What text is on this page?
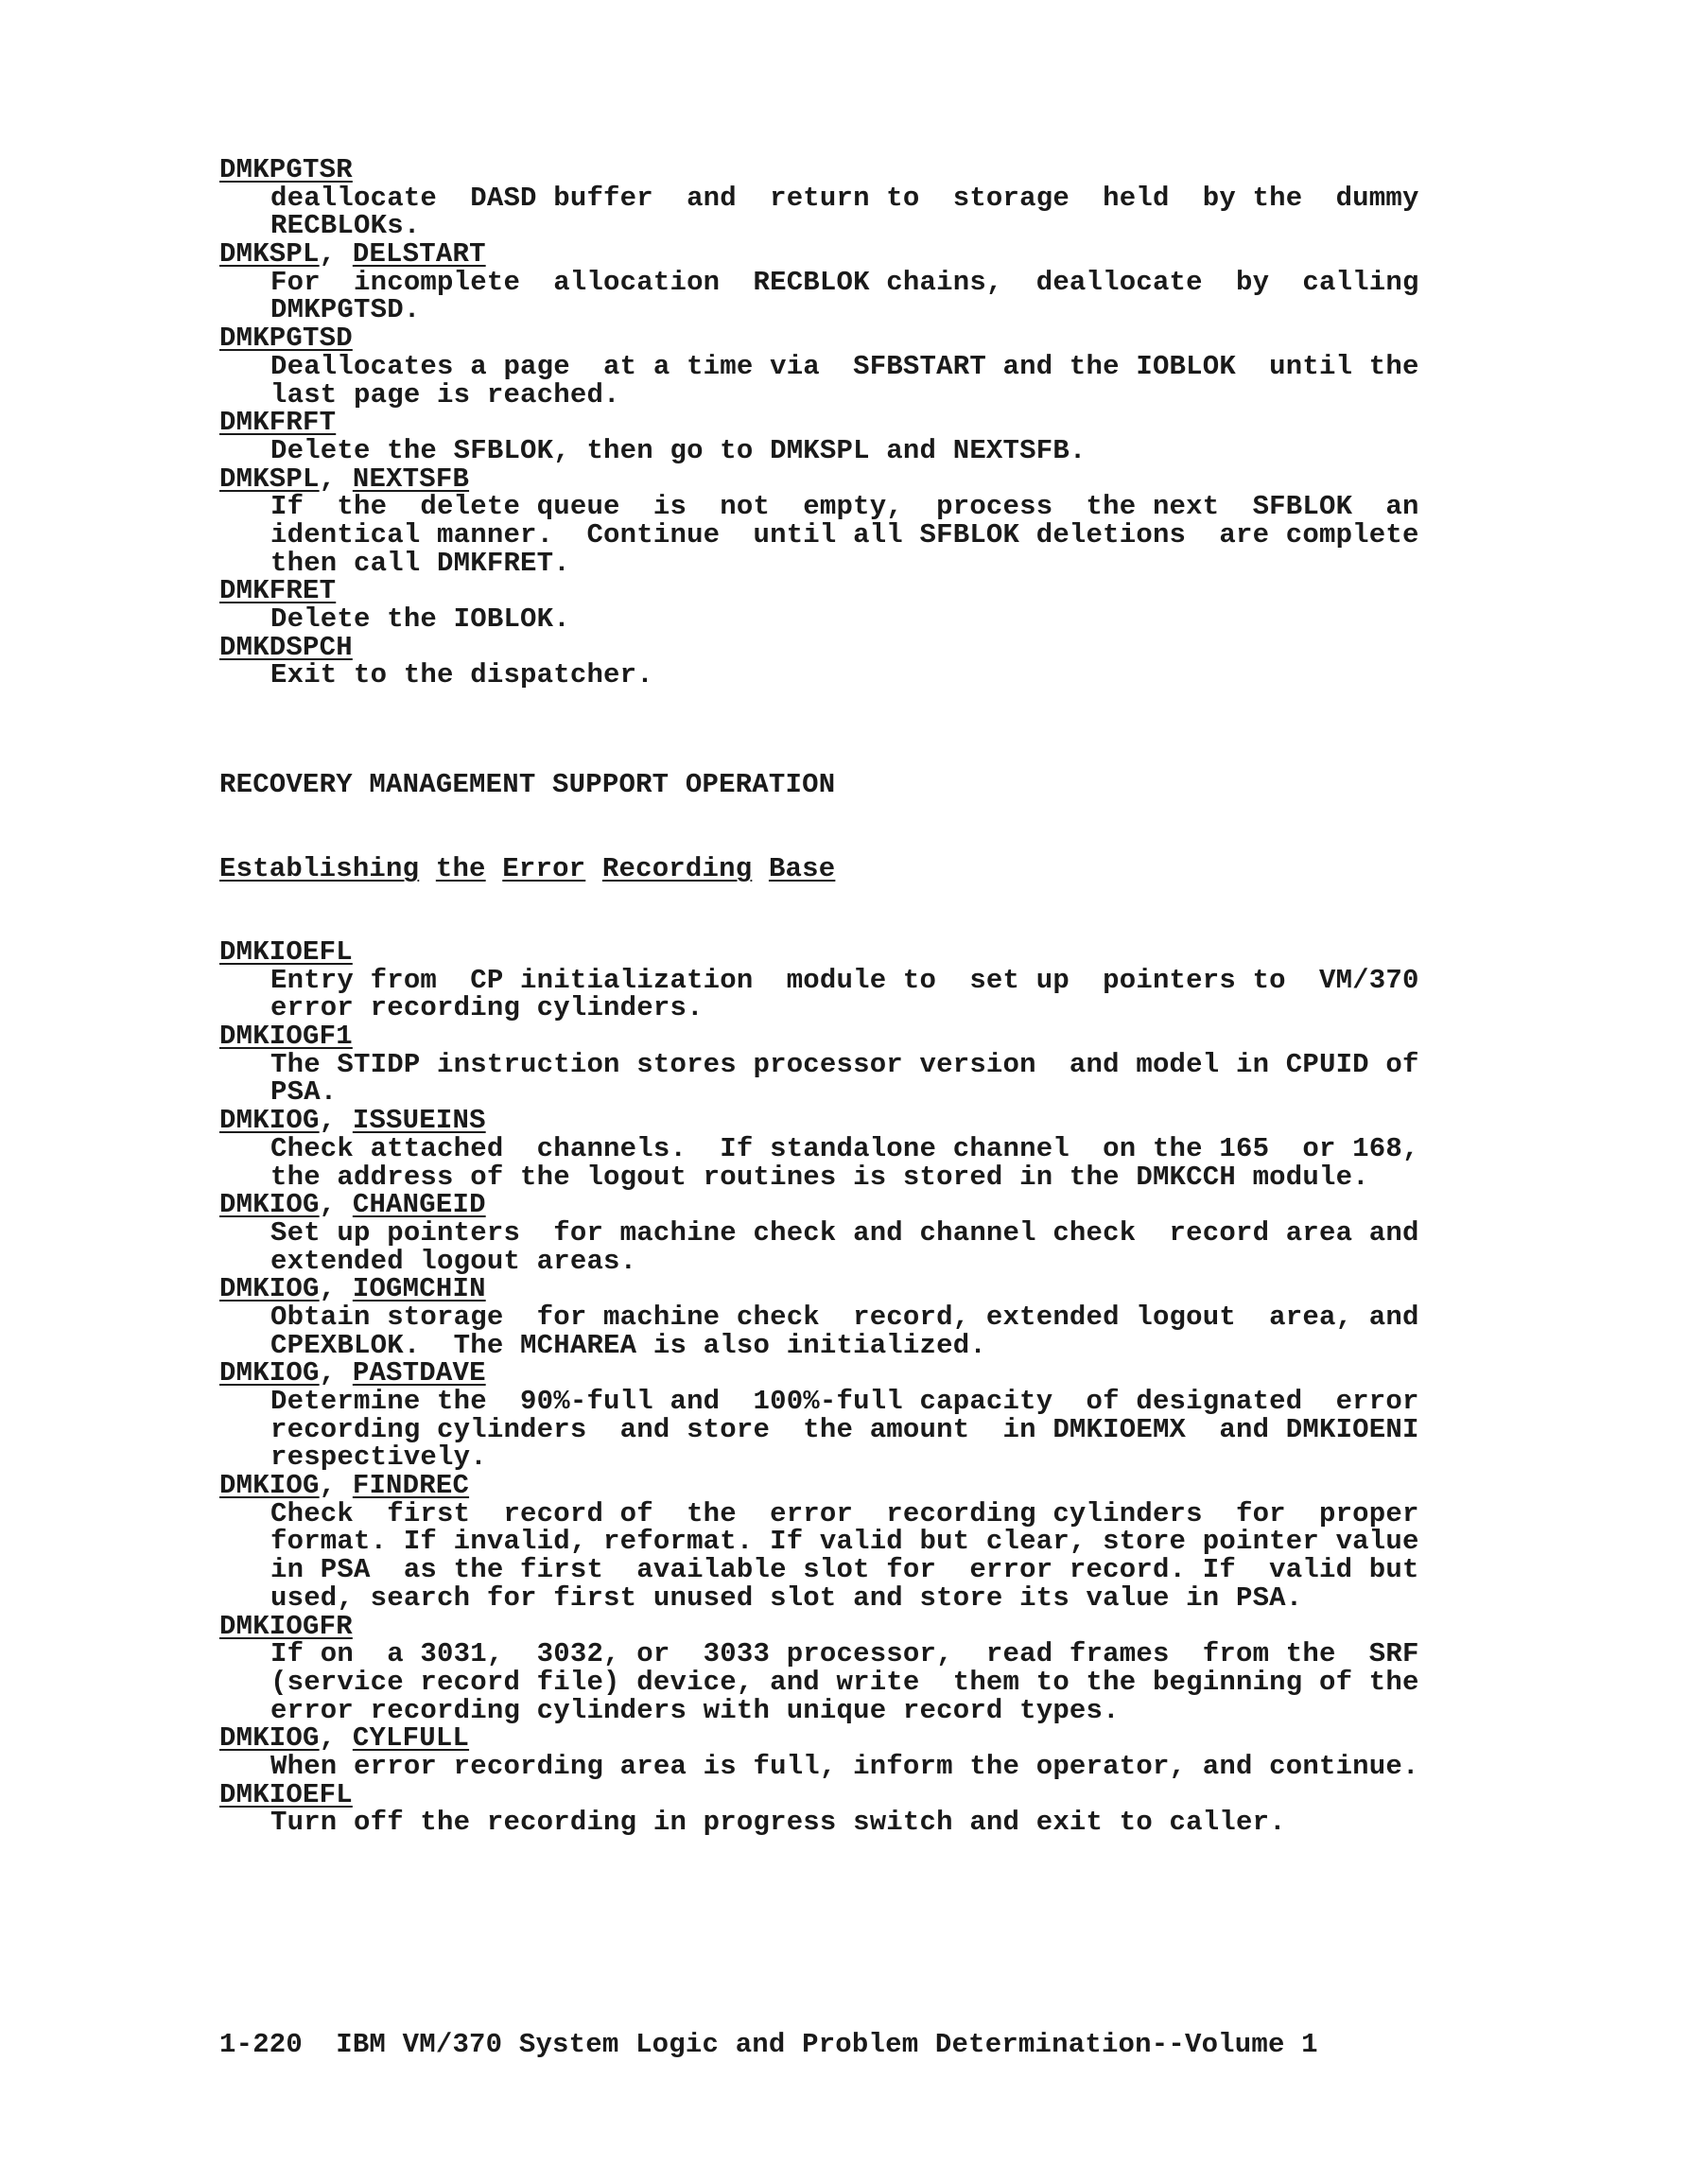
DMKPGTSR
deallocate  DASD buffer  and  return to  storage  held  by the  dummy
RECBLOKs.
DMKSPL, DELSTART
For  incomplete  allocation  RECBLOK chains,  deallocate  by  calling
DMKPGTSD.
DMKPGTSD
Deallocates a page  at a time via  SFBSTART and the IOBLOK  until the
last page is reached.
DMKFRFT
Delete the SFBLOK, then go to DMKSPL and NEXTSFB.
DMKSPL, NEXTSFB
If  the  delete queue  is  not  empty,  process  the next  SFBLOK  an
identical manner.  Continue  until all SFBLOK deletions  are complete
then call DMKFRET.
DMKFRET
Delete the IOBLOK.
DMKDSPCH
Exit to the dispatcher.
RECOVERY MANAGEMENT SUPPORT OPERATION
Establishing the Error Recording Base
DMKIOEFL
Entry from  CP initialization  module to  set up  pointers to  VM/370
error recording cylinders.
DMKIOGF1
The STIDP instruction stores processor version  and model in CPUID of
PSA.
DMKIOG, ISSUEINS
Check attached  channels.  If standalone channel  on the 165  or 168,
the address of the logout routines is stored in the DMKCCH module.
DMKIOG, CHANGEID
Set up pointers  for machine check and channel check  record area and
extended logout areas.
DMKIOG, IOGMCHIN
Obtain storage  for machine check  record, extended logout  area, and
CPEXBLOK.  The MCHAREA is also initialized.
DMKIOG, PASTDAVE
Determine the  90%-full and  100%-full capacity  of designated  error
recording cylinders  and store  the amount  in DMKIOEMX  and DMKIOENI
respectively.
DMKIOG, FINDREC
Check  first  record of  the  error  recording cylinders  for  proper
format. If invalid, reformat. If valid but clear, store pointer value
in PSA  as the first  available slot for  error record. If  valid but
used, search for first unused slot and store its value in PSA.
DMKIOGFR
If on  a 3031,  3032, or  3033 processor,  read frames  from the  SRF
(service record file) device, and write  them to the beginning of the
error recording cylinders with unique record types.
DMKIOG, CYLFULL
When error recording area is full, inform the operator, and continue.
DMKIOEFL
Turn off the recording in progress switch and exit to caller.
1-220  IBM VM/370 System Logic and Problem Determination--Volume 1
